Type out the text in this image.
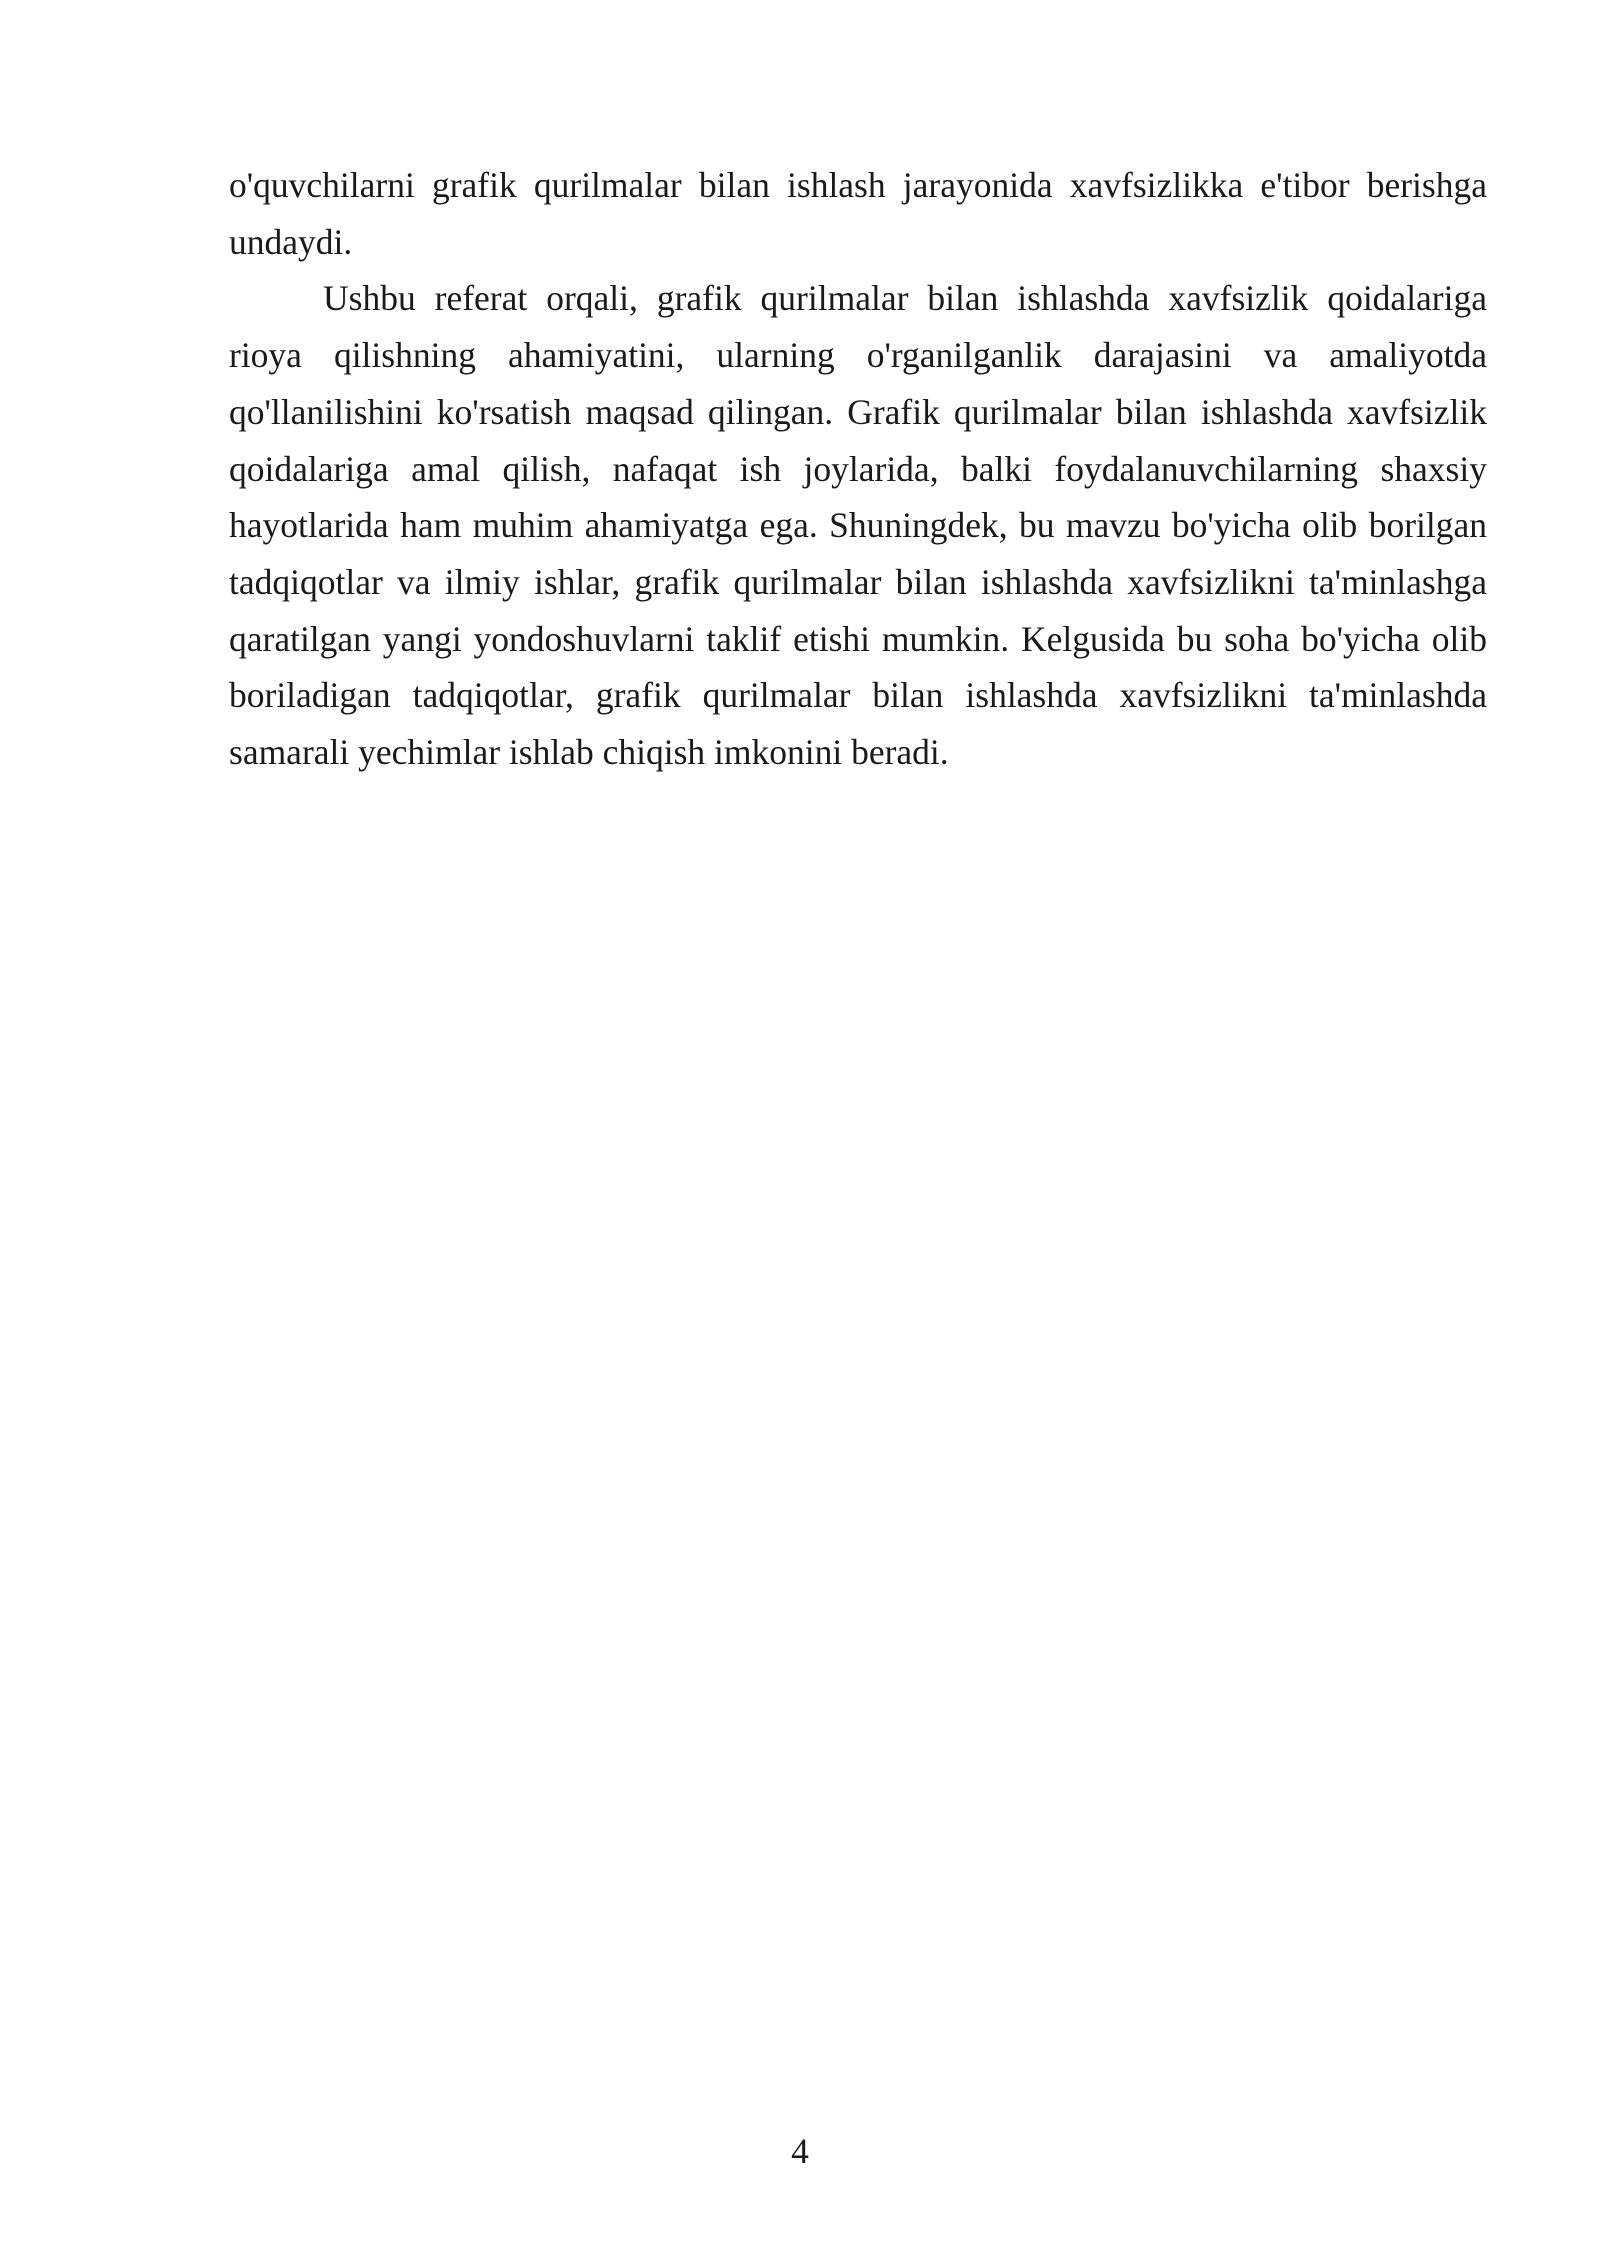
o'quvchilarni grafik qurilmalar bilan ishlash jarayonida xavfsizlikka e'tibor berishga undaydi.

Ushbu referat orqali, grafik qurilmalar bilan ishlashda xavfsizlik qoidalariga rioya qilishning ahamiyatini, ularning o'rganilganlik darajasini va amaliyotda qo'llanilishini ko'rsatish maqsad qilingan. Grafik qurilmalar bilan ishlashda xavfsizlik qoidalariga amal qilish, nafaqat ish joylarida, balki foydalanuvchilarning shaxsiy hayotlarida ham muhim ahamiyatga ega. Shuningdek, bu mavzu bo'yicha olib borilgan tadqiqotlar va ilmiy ishlar, grafik qurilmalar bilan ishlashda xavfsizlikni ta'minlashga qaratilgan yangi yondoshuvlarni taklif etishi mumkin. Kelgusida bu soha bo'yicha olib boriladigan tadqiqotlar, grafik qurilmalar bilan ishlashda xavfsizlikni ta'minlashda samarali yechimlar ishlab chiqish imkonini beradi.

4
